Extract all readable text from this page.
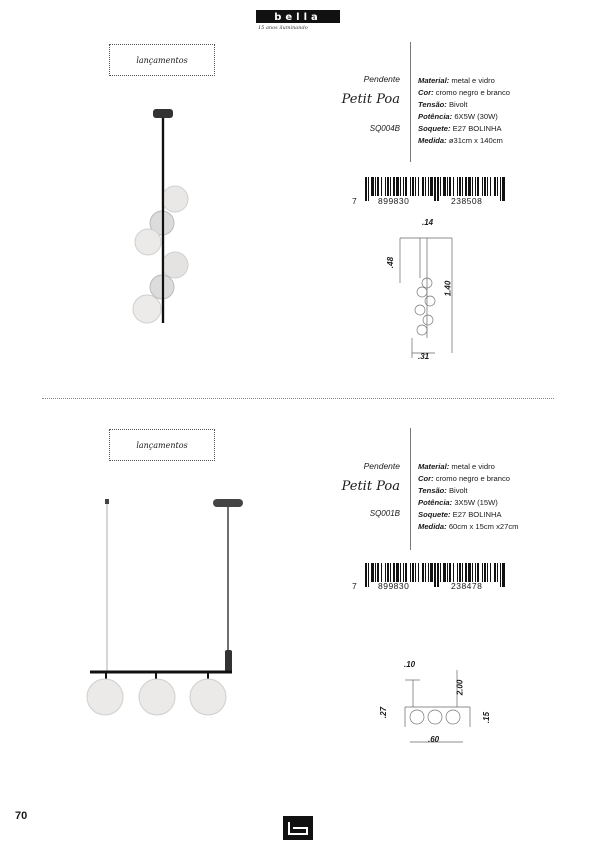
bella
15 anos iluminando
lançamentos
Pendente
Petit Poa
SQ004B
Material: metal e vidro
Cor: cromo negro e branco
Tensão: Bivolt
Potência: 6X5W (30W)
Soquete: E27 BOLINHA
Medida: ø31cm x 140cm
7 899830	238508
.14
.48
1.40
.31
lançamentos
Pendente
Petit Poa
SQ001B
Material: metal e vidro
Cor: cromo negro e branco
Tensão: Bivolt
Potência: 3X5W (15W)
Soquete: E27 BOLINHA
Medida: 60cm x 15cm x27cm
7 899830	238478
.10
2.00
.27	.15
.60
70
